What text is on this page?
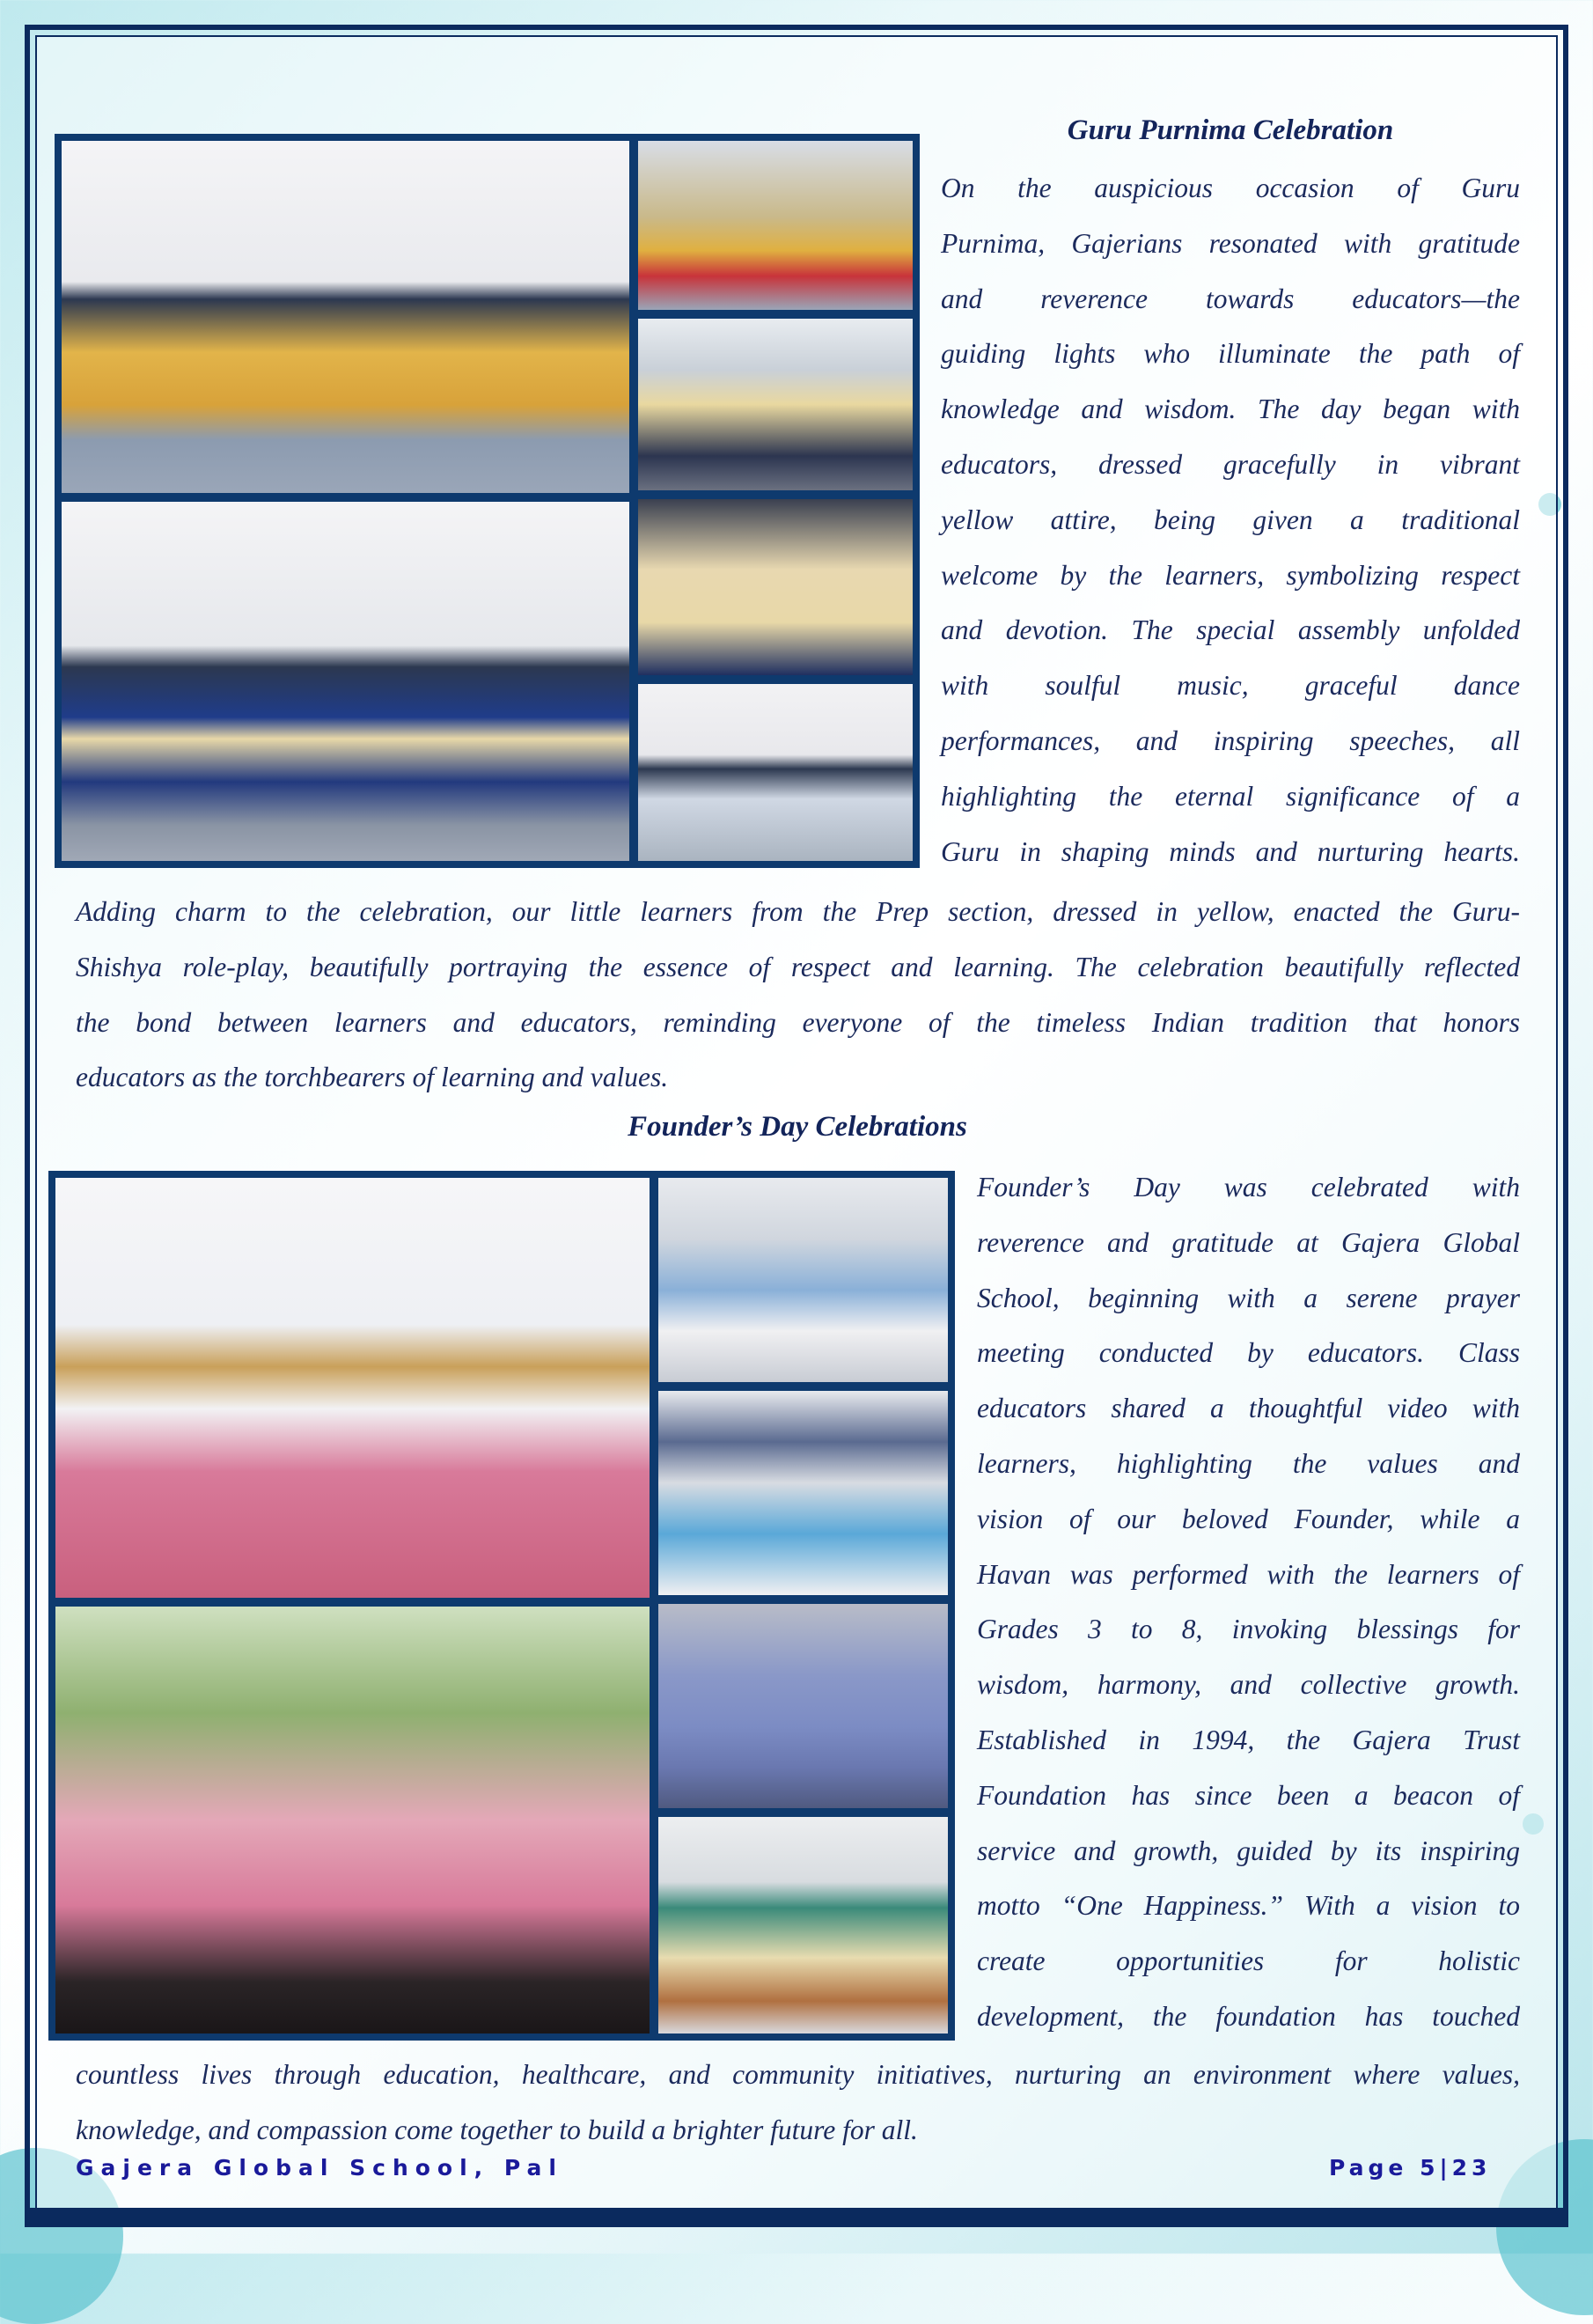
Guru Purnima Celebration
On the auspicious occasion of Guru
Purnima, Gajerians resonated with gratitude
and reverence towards educators—the
guiding lights who illuminate the path of
knowledge and wisdom. The day began with
educators, dressed gracefully in vibrant
yellow attire, being given a traditional
welcome by the learners, symbolizing respect
and devotion. The special assembly unfolded
with soulful music, graceful dance
performances, and inspiring speeches, all
highlighting the eternal significance of a
Guru in shaping minds and nurturing hearts.
Adding charm to the celebration, our little learners from the Prep section, dressed in yellow, enacted the Guru-
Shishya role-play, beautifully portraying the essence of respect and learning. The celebration beautifully reflected
the bond between learners and educators, reminding everyone of the timeless Indian tradition that honors
educators as the torchbearers of learning and values.
Founder’s Day Celebrations
Founder’s Day was celebrated with
reverence and gratitude at Gajera Global
School, beginning with a serene prayer
meeting conducted by educators. Class
educators shared a thoughtful video with
learners, highlighting the values and
vision of our beloved Founder, while a
Havan was performed with the learners of
Grades 3 to 8, invoking blessings for
wisdom, harmony, and collective growth.
Established in 1994, the Gajera Trust
Foundation has since been a beacon of
service and growth, guided by its inspiring
motto “One Happiness.” With a vision to
create opportunities for holistic
development, the foundation has touched
countless lives through education, healthcare, and community initiatives, nurturing an environment where values,
knowledge, and compassion come together to build a brighter future for all.
Gajera Global School, Pal	Page 5|23
